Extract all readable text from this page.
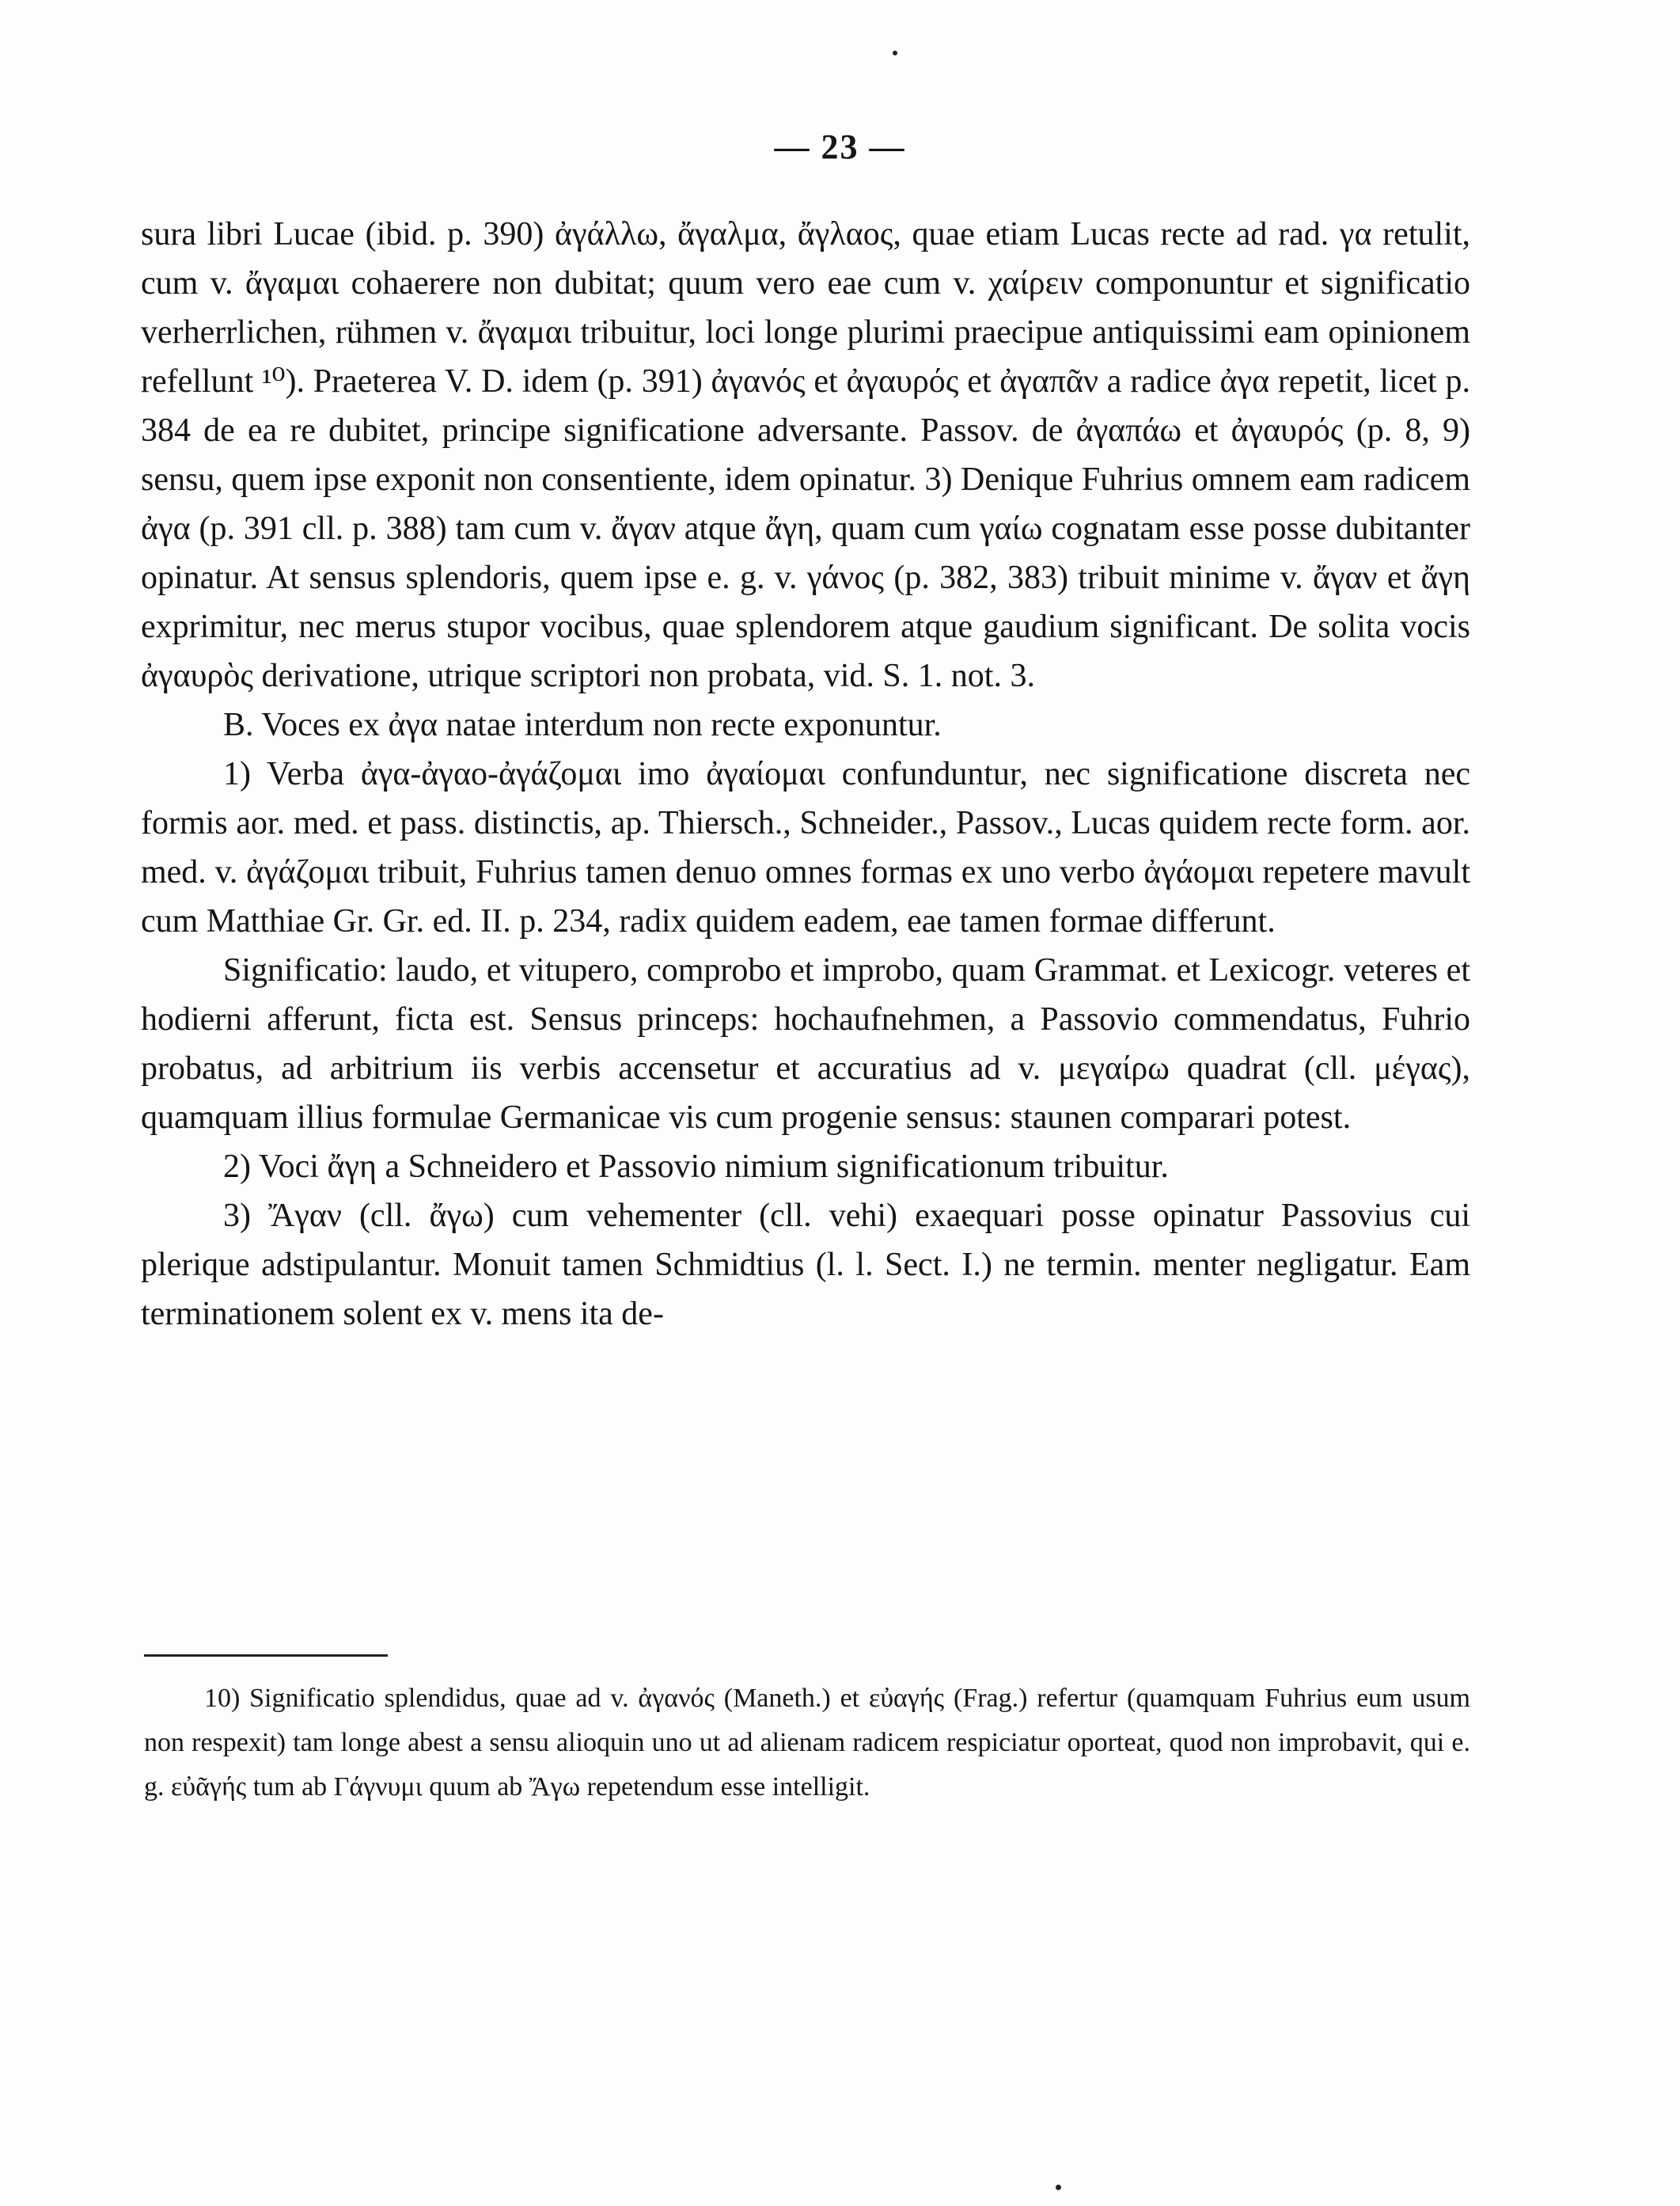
— 23 —

sura libri Lucae (ibid. p. 390) ἀγάλλω, ἄγαλμα, ἄγλαος, quae etiam Lucas recte ad rad. γα retulit, cum v. ἄγαμαι cohaerere non dubitat; quum vero eae cum v. χαίρειν componuntur et significatio verherrlichen, rühmen v. ἄγαμαι tribuitur, loci longe plurimi praecipue antiquissimi eam opinionem refellunt ¹⁰). Praeterea V. D. idem (p. 391) ἀγανός et ἀγαυρός et ἀγαπᾶν a radice ἀγα repetit, licet p. 384 de ea re dubitet, principe significatione adversante. Passov. de ἀγαπάω et ἀγαυρός (p. 8, 9) sensu, quem ipse exponit non consentiente, idem opinatur. 3) Denique Fuhrius omnem eam radicem ἀγα (p. 391 cll. p. 388) tam cum v. ἄγαν atque ἄγη, quam cum γαίω cognatam esse posse dubitanter opinatur. At sensus splendoris, quem ipse e. g. v. γάνος (p. 382, 383) tribuit minime v. ἄγαν et ἄγη exprimitur, nec merus stupor vocibus, quae splendorem atque gaudium significant. De solita vocis ἀγαυρὸς derivatione, utrique scriptori non probata, vid. S. 1. not. 3.

B. Voces ex ἀγα natae interdum non recte exponuntur.

1) Verba ἀγα-ἀγαο-ἀγάζομαι imo ἀγαίομαι confunduntur, nec significatione discreta nec formis aor. med. et pass. distinctis, ap. Thiersch., Schneider., Passov., Lucas quidem recte form. aor. med. v. ἀγάζομαι tribuit, Fuhrius tamen denuo omnes formas ex uno verbo ἀγάομαι repetere mavult cum Matthiae Gr. Gr. ed. II. p. 234, radix quidem eadem, eae tamen formae differunt.

Significatio: laudo, et vitupero, comprobo et improbo, quam Grammat. et Lexicogr. veteres et hodierni afferunt, ficta est. Sensus princeps: hochaufnehmen, a Passovio commendatus, Fuhrio probatus, ad arbitrium iis verbis accensetur et accuratius ad v. μεγαίρω quadrat (cll. μέγας), quamquam illius formulae Germanicae vis cum progenie sensus: staunen comparari potest.

2) Voci ἄγη a Schneidero et Passovio nimium significationum tribuitur.

3) Ἄγαν (cll. ἄγω) cum vehementer (cll. vehi) exaequari posse opinatur Passovius cui plerique adstipulantur. Monuit tamen Schmidtius (l. l. Sect. I.) ne termin. menter negligatur. Eam terminationem solent ex v. mens ita de-

10) Significatio splendidus, quae ad v. ἀγανός (Maneth.) et εὐαγής (Frag.) refertur (quamquam Fuhrius eum usum non respexit) tam longe abest a sensu alioquin uno ut ad alienam radicem respiciatur oporteat, quod non improbavit, qui e. g. εὐᾶγής tum ab Γάγνυμι quum ab Ἄγω repetendum esse intelligit.
